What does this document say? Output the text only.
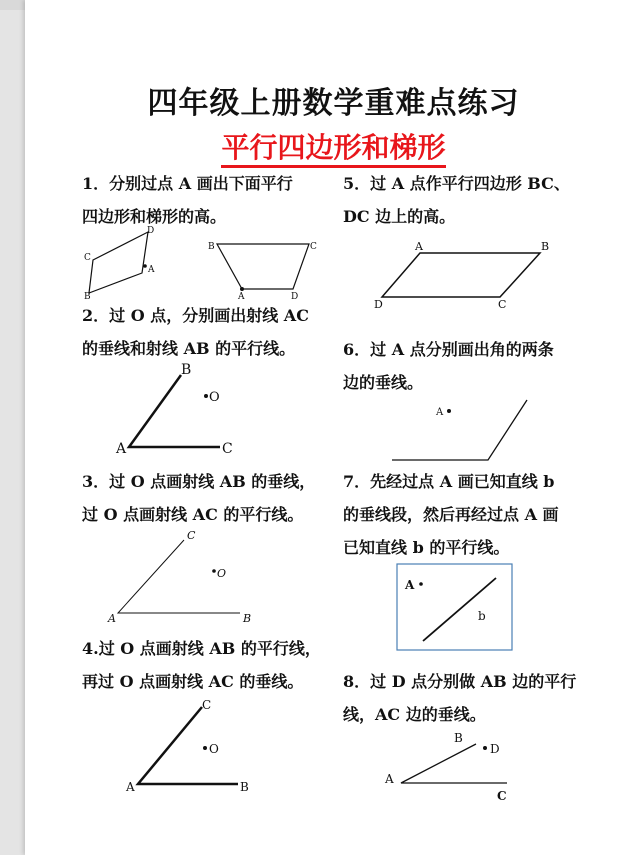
四年级上册数学重难点练习
平行四边形和梯形
1．分别过点 A 画出下面平行
四边形和梯形的高。
D
C
A
B
B	C
A	D
B
O
A	C
C
O
A	B
C
O
A	B
A	B
D	C
A
A
b
B
D
A
C
2．过 O 点，分别画出射线 AC
的垂线和射线 AB 的平行线。
3．过 O 点画射线 AB 的垂线，
过 O 点画射线 AC 的平行线。
4.过 O 点画射线 AB 的平行线，
再过 O 点画射线 AC 的垂线。
5．过 A 点作平行四边形 BC、
DC 边上的高。
6．过 A 点分别画出角的两条
边的垂线。
7．先经过点 A 画已知直线 b
的垂线段，然后再经过点 A 画
已知直线 b 的平行线。
8．过 D 点分别做 AB 边的平行
线，AC 边的垂线。
